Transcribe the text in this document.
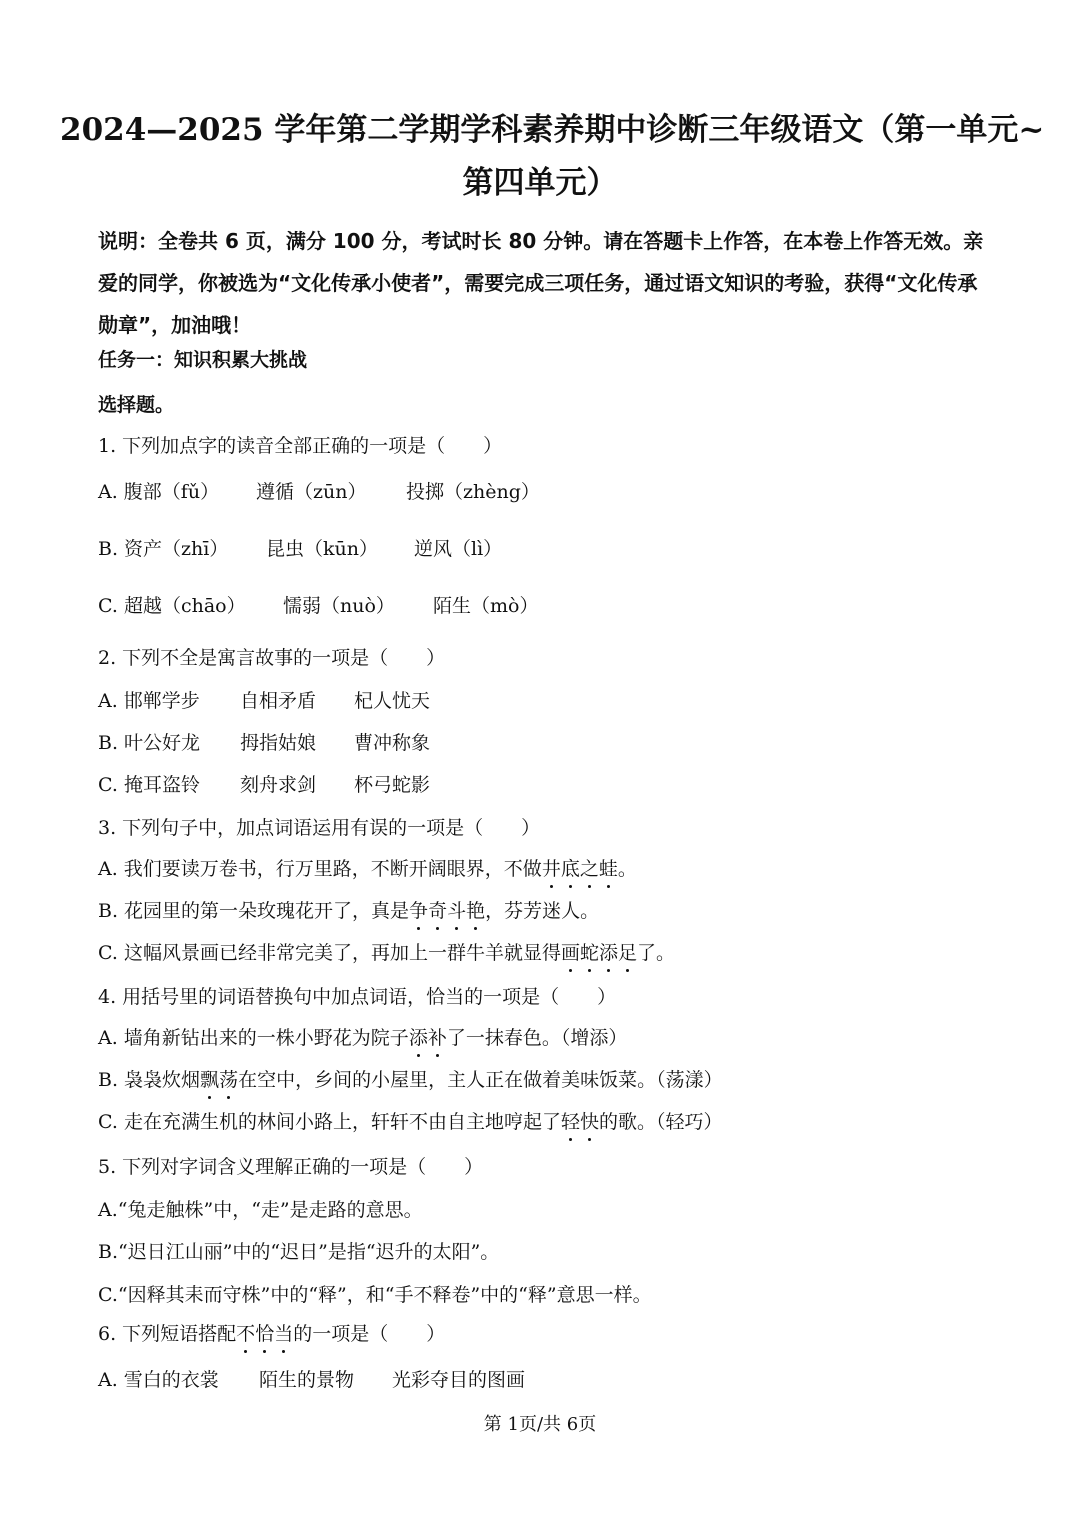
2024—2025 学年第二学期学科素养期中诊断三年级语文（第一单元~
第四单元）
说明：全卷共 6 页，满分 100 分，考试时长 80 分钟。请在答题卡上作答，在本卷上作答无效。亲爱的同学，你被选为“文化传承小使者”，需要完成三项任务，通过语文知识的考验，获得“文化传承勋章”，加油哦！
任务一：知识积累大挑战
选择题。
1. 下列加点字的读音全部正确的一项是（　　）
A. 腹部（fǔ） 遵循（zūn） 投掷（zhèng）
B. 资产（zhī） 昆虫（kūn） 逆风（lì）
C. 超越（chāo） 懦弱（nuò） 陌生（mò）
2. 下列不全是寓言故事的一项是（　　）
A. 邯郸学步 自相矛盾 杞人忧天
B. 叶公好龙 拇指姑娘 曹冲称象
C. 掩耳盗铃 刻舟求剑 杯弓蛇影
3. 下列句子中，加点词语运用有误的一项是（　　）
A. 我们要读万卷书，行万里路，不断开阔眼界，不做井底之蛙。
B. 花园里的第一朵玫瑰花开了，真是争奇斗艳，芬芳迷人。
C. 这幅风景画已经非常完美了，再加上一群牛羊就显得画蛇添足了。
4. 用括号里的词语替换句中加点词语，恰当的一项是（　　）
A. 墙角新钻出来的一株小野花为院子添补了一抹春色。（增添）
B. 袅袅炊烟飘荡在空中，乡间的小屋里，主人正在做着美味饭菜。（荡漾）
C. 走在充满生机的林间小路上，轩轩不由自主地哼起了轻快的歌。（轻巧）
5. 下列对字词含义理解正确的一项是（　　）
A.“兔走触株”中，“走”是走路的意思。
B.“迟日江山丽”中的“迟日”是指“迟升的太阳”。
C.“因释其耒而守株”中的“释”，和“手不释卷”中的“释”意思一样。
6. 下列短语搭配不恰当的一项是（　　）
A. 雪白的衣裳 陌生的景物 光彩夺目的图画
第 1页/共 6页
